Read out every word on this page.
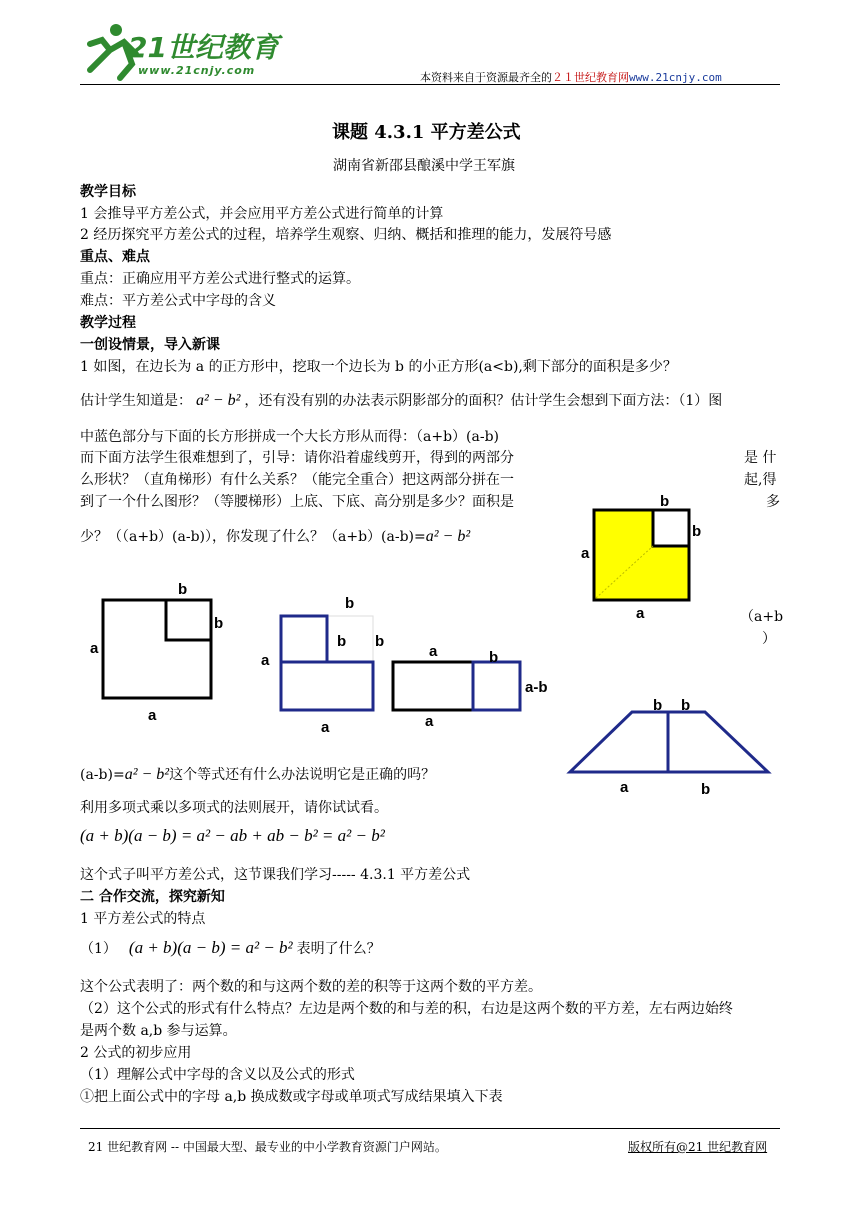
21世纪教育
www.21cnjy.com
本资料来自于资源最齐全的２１世纪教育网www.21cnjy.com
课题 4.3.1 平方差公式
湖南省新邵县酿溪中学王军旗
教学目标
1 会推导平方差公式，并会应用平方差公式进行简单的计算
2 经历探究平方差公式的过程，培养学生观察、归纳、概括和推理的能力，发展符号感
重点、难点
重点：正确应用平方差公式进行整式的运算。
难点：平方差公式中字母的含义
教学过程
一创设情景，导入新课
1 如图，在边长为 a 的正方形中，挖取一个边长为 b 的小正方形(a<b),剩下部分的面积是多少？
估计学生知道是： a² − b² ，还有没有别的办法表示阴影部分的面积？估计学生会想到下面方法：（1）图
中蓝色部分与下面的长方形拼成一个大长方形从而得：（a+b）(a-b)
而下面方法学生很难想到了，引导：请你沿着虚线剪开，得到的两部分	是 什
么形状？（直角梯形）有什么关系？（能完全重合）把这两部分拼在一	起,得
到了一个什么图形？（等腰梯形）上底、下底、高分别是多少？面积是	多
少？（（a+b）(a-b)），你发现了什么？（a+b）(a-b)=a² − b²
（a+b
）
b
b
a
a
b
b
a
a
b
b b
a
a
a	b
a-b
a
b b
a	b
(a-b)=a² − b²这个等式还有什么办法说明它是正确的吗？
利用多项式乘以多项式的法则展开，请你试试看。
(a + b)(a − b) = a² − ab + ab − b² = a² − b²
这个式子叫平方差公式，这节课我们学习----- 4.3.1 平方差公式
二 合作交流，探究新知
1 平方差公式的特点
（1） (a + b)(a − b) = a² − b² 表明了什么？
这个公式表明了：两个数的和与这两个数的差的积等于这两个数的平方差。
（2）这个公式的形式有什么特点？左边是两个数的和与差的积，右边是这两个数的平方差，左右两边始终
是两个数 a,b 参与运算。
2 公式的初步应用
（1）理解公式中字母的含义以及公式的形式
①把上面公式中的字母 a,b 换成数或字母或单项式写成结果填入下表
21 世纪教育网 -- 中国最大型、最专业的中小学教育资源门户网站。	版权所有@21 世纪教育网
